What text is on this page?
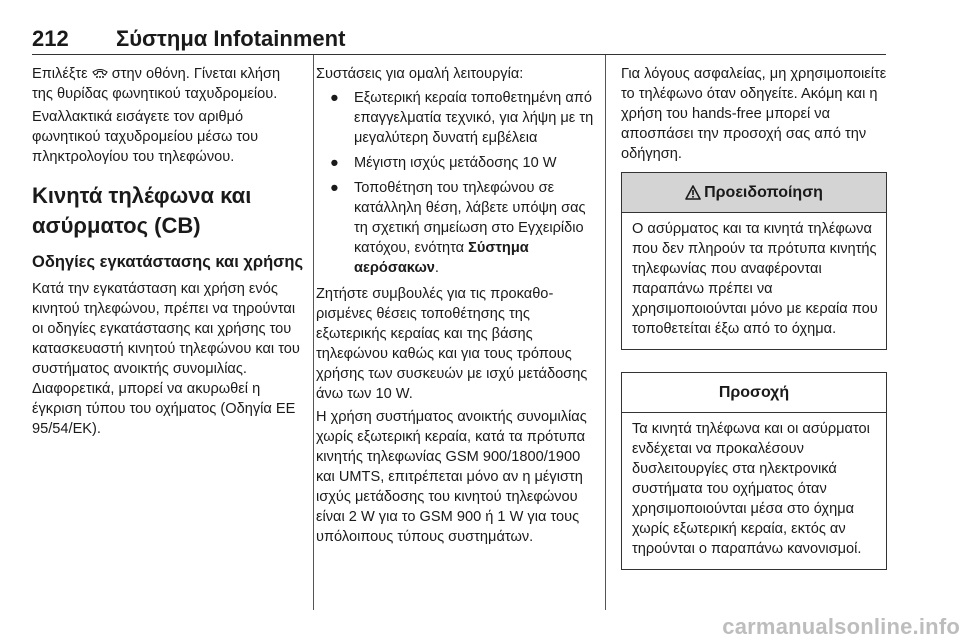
212	Σύστημα Infotainment

Επιλέξτε  στην οθόνη. Γίνεται κλήση της θυρίδας φωνητικού ταχυδρομείου.

Εναλλακτικά εισάγετε τον αριθμό φωνητικού ταχυδρομείου μέσω του πληκτρολογίου του τηλεφώνου.

Κινητά τηλέφωνα και ασύρματος (CB)
Οδηγίες εγκατάστασης και χρήσης

Κατά την εγκατάσταση και χρήση ενός κινητού τηλεφώνου, πρέπει να τηρούνται οι οδηγίες εγκατάστασης και χρήσης του κατασκευαστή κινητού τηλεφώνου και του συστήματος ανοικτής συνομιλίας. Διαφορετικά, μπορεί να ακυρωθεί η έγκριση τύπου του οχήματος (Οδηγία ΕΕ 95/54/ΕΚ).

Συστάσεις για ομαλή λειτουργία:

● Εξωτερική κεραία τοποθετημένη από επαγγελματία τεχνικό, για λήψη με τη μεγαλύτερη δυνατή εμβέλεια
● Μέγιστη ισχύς μετάδοσης 10 W
● Τοποθέτηση του τηλεφώνου σε κατάλληλη θέση, λάβετε υπόψη σας τη σχετική σημείωση στο Εγχειρίδιο κατόχου, ενότητα Σύστημα αερόσακων.

Ζητήστε συμβουλές για τις προκαθορισμένες θέσεις τοποθέτησης της εξωτερικής κεραίας και της βάσης τηλεφώνου καθώς και για τους τρόπους χρήσης των συσκευών με ισχύ μετάδοσης άνω των 10 W.

Η χρήση συστήματος ανοικτής συνομιλίας χωρίς εξωτερική κεραία, κατά τα πρότυπα κινητής τηλεφωνίας GSM 900/1800/1900 και UMTS, επιτρέπεται μόνο αν η μέγιστη ισχύς μετάδοσης του κινητού τηλεφώνου είναι 2 W για το GSM 900 ή 1 W για τους υπόλοιπους τύπους συστημάτων.

Για λόγους ασφαλείας, μη χρησιμοποιείτε το τηλέφωνο όταν οδηγείτε. Ακόμη και η χρήση του hands-free μπορεί να αποσπάσει την προσοχή σας από την οδήγηση.

Προειδοποίηση
Ο ασύρματος και τα κινητά τηλέφωνα που δεν πληρούν τα πρότυπα κινητής τηλεφωνίας που αναφέρονται παραπάνω πρέπει να χρησιμοποιούνται μόνο με κεραία που τοποθετείται έξω από το όχημα.
Προσοχή
Τα κινητά τηλέφωνα και οι ασύρματοι ενδέχεται να προκαλέσουν δυσλειτουργίες στα ηλεκτρονικά συστήματα του οχήματος όταν χρησιμοποιούνται μέσα στο όχημα χωρίς εξωτερική κεραία, εκτός αν τηρούνται ο παραπάνω κανονισμοί.
carmanualsonline.info
